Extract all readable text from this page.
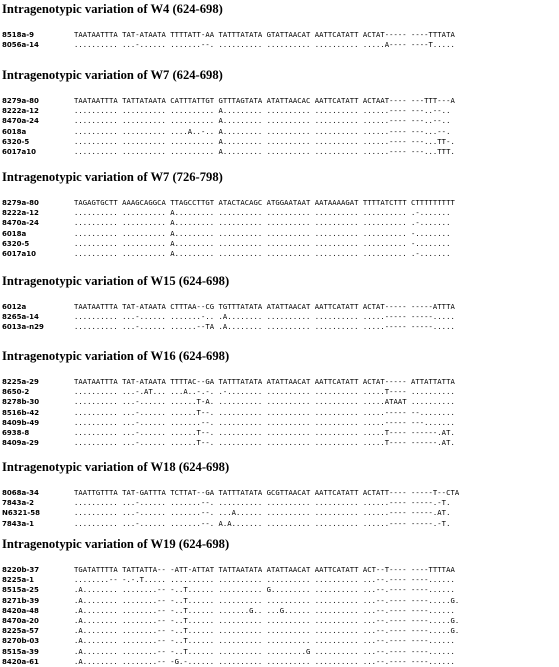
Intragenotypic variation of W4 (624-698)
8518a-9	TAATAATTTA TAT-ATAATA TTTTATT-AA TATTTATATA GTATTAACAT AATTCATATT ACTAT----- ----TTTATA
8056a-14	.......... ...-...... .......--. .......... .......... .......... .....A---- ----T.....
Intragenotypic variation of W7 (624-698)
8279a-80	TAATAATTTA TATTATAATA CATTTATTGT GTTTAGTATA ATATTAACAC AATTCATATT ACTAAT---- ---TTT---A
8222a-12	.......... .......... .......... A......... .......... .......... ......---- ---..--..
8470a-24	.......... .......... .......... A......... .......... .......... ......---- ---..--..
6018a	.......... .......... ....A..-.. A......... .......... .......... ......---- ---...--.
6320-5	.......... .......... .......... A......... .......... .......... ......---- ---...TT-.
6017a10	.......... .......... .......... A......... .......... .......... ......---- ---...TTT.
Intragenotypic variation of W7 (726-798)
8279a-80	TAGAGTGCTT AAAGCAGGCA TTAGCCTTGT ATACTACAGC ATGGAATAAT AATAAAAGAT TTTTATCTTT CTTTTTTTTT
8222a-12	.......... .......... A......... .......... .......... .......... .......... .-.......
8470a-24	.......... .......... A......... .......... .......... .......... .......... .-.......
6018a	.......... .......... A......... .......... .......... .......... .......... -........
6320-5	.......... .......... A......... .......... .......... .......... .......... -........
6017a10	.......... .......... A......... .......... .......... .......... .......... .-.......
Intragenotypic variation of W15 (624-698)
6012a	TAATAATTTA TAT-ATAATA CTTTAA--CG TGTTTATATA ATATTAACAT AATTCATATT ACTAT----- -----ATTTA
8265a-14	.......... ...-...... .......-.. .A........ .......... .......... .....----- -----.....
6013a-n29	.......... ...-...... ......--TA .A........ .......... .......... .....----- -----.....
Intragenotypic variation of W16 (624-698)
8225a-29	TAATAATTTA TAT-ATAATA TTTTAC--GA TATTTATATA ATATTAACAT AATTCATATT ACTAT----- ATTATTATTA
8650-2	.......... ...-.AT... ...A..-.-. .-........ .......... .......... .....T---- ..........
8278b-30	.......... ...-...... ......T-A. .......... .......... .......... .....ATAAT ..........
8516b-42	.......... ...-...... ......T--. .......... .......... .......... .....----- --........
8409b-49	.......... ...-...... .......--. .......... .......... .......... .....----- ---.......
6938-8	.......... ...-...... ......T--. .......... .......... .......... .....T---- ------.AT.
8409a-29	.......... ...-...... ......T--. .......... .......... .......... .....T---- ------.AT.
Intragenotypic variation of W18 (624-698)
8068a-34	TAATTGTTTA TAT-GATTTA TCTTAT--GA TATTTATATA GCGTTAACAT AATTCATATT ACTATT---- -----T--CTA
7843a-2	.......... ...-...... .......--. .......... .......... .......... ......---- -----.-T.
N6321-58	.......... ...-...... .......--. ...A...... .......... .......... ......---- -----.AT.
7843a-1	.......... ...-...... .......--. A.A....... .......... .......... ......---- -----.-T.
Intragenotypic variation of W19 (624-698)
8220b-37	TGATATTTTA TATTATTA-- -ATT-ATTAT TATTAATATA ATATTAACAT AATTCATATT ACT--T---- ----TTTTAA
8225a-1	........-- -.-.T..... .......... .......... .......... .......... ...--.---- ----......
8515a-25	.A........ ........-- -..T...... .......... G......... .......... ...--.---- ----......
8271b-39	.A........ ........-- -..T...... .......... .......... .......... ...--.---- ----.....G.
8420a-48	.A........ ........-- -..T...... .......G.. ...G...... .......... ...--.---- ----......
8470a-20	.A........ ........-- -..T...... .......... .......... .......... ...--.---- ----.....G.
8225a-57	.A........ ........-- -..T...... .......... .......... .......... ...--.---- ----.....G.
8270b-03	.A........ ........-- -..T...... .......... .......... .......... ...--.---- ----......
8515a-39	.A........ ........-- -..T...... .......... .........G .......... ...--.---- ----......
8420a-61	.A........ ........-- -G.-...... .......... .......... .......... ...--.---- ----......
